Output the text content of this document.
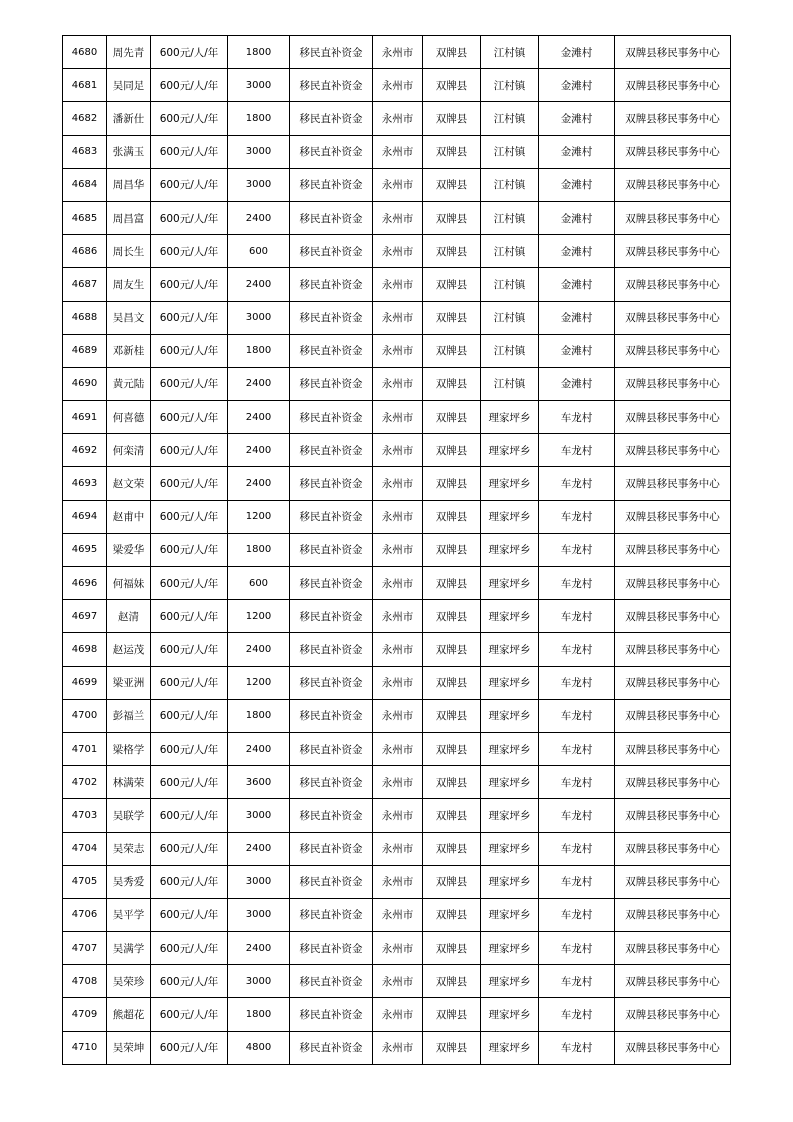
4680	周先青	600元/人/年	1800	移民直补资金	永州市	双牌县	江村镇	金滩村	双牌县移民事务中心
4681	吴同足	600元/人/年	3000	移民直补资金	永州市	双牌县	江村镇	金滩村	双牌县移民事务中心
4682	潘新仕	600元/人/年	1800	移民直补资金	永州市	双牌县	江村镇	金滩村	双牌县移民事务中心
4683	张满玉	600元/人/年	3000	移民直补资金	永州市	双牌县	江村镇	金滩村	双牌县移民事务中心
4684	周昌华	600元/人/年	3000	移民直补资金	永州市	双牌县	江村镇	金滩村	双牌县移民事务中心
4685	周昌富	600元/人/年	2400	移民直补资金	永州市	双牌县	江村镇	金滩村	双牌县移民事务中心
4686	周长生	600元/人/年	600	移民直补资金	永州市	双牌县	江村镇	金滩村	双牌县移民事务中心
4687	周友生	600元/人/年	2400	移民直补资金	永州市	双牌县	江村镇	金滩村	双牌县移民事务中心
4688	吴昌文	600元/人/年	3000	移民直补资金	永州市	双牌县	江村镇	金滩村	双牌县移民事务中心
4689	邓新桂	600元/人/年	1800	移民直补资金	永州市	双牌县	江村镇	金滩村	双牌县移民事务中心
4690	黄元陆	600元/人/年	2400	移民直补资金	永州市	双牌县	江村镇	金滩村	双牌县移民事务中心
4691	何喜德	600元/人/年	2400	移民直补资金	永州市	双牌县	理家坪乡	车龙村	双牌县移民事务中心
4692	何栾清	600元/人/年	2400	移民直补资金	永州市	双牌县	理家坪乡	车龙村	双牌县移民事务中心
4693	赵文荣	600元/人/年	2400	移民直补资金	永州市	双牌县	理家坪乡	车龙村	双牌县移民事务中心
4694	赵甫中	600元/人/年	1200	移民直补资金	永州市	双牌县	理家坪乡	车龙村	双牌县移民事务中心
4695	梁爱华	600元/人/年	1800	移民直补资金	永州市	双牌县	理家坪乡	车龙村	双牌县移民事务中心
4696	何福妹	600元/人/年	600	移民直补资金	永州市	双牌县	理家坪乡	车龙村	双牌县移民事务中心
4697	赵清	600元/人/年	1200	移民直补资金	永州市	双牌县	理家坪乡	车龙村	双牌县移民事务中心
4698	赵运茂	600元/人/年	2400	移民直补资金	永州市	双牌县	理家坪乡	车龙村	双牌县移民事务中心
4699	梁亚洲	600元/人/年	1200	移民直补资金	永州市	双牌县	理家坪乡	车龙村	双牌县移民事务中心
4700	彭福兰	600元/人/年	1800	移民直补资金	永州市	双牌县	理家坪乡	车龙村	双牌县移民事务中心
4701	梁格学	600元/人/年	2400	移民直补资金	永州市	双牌县	理家坪乡	车龙村	双牌县移民事务中心
4702	林满荣	600元/人/年	3600	移民直补资金	永州市	双牌县	理家坪乡	车龙村	双牌县移民事务中心
4703	吴联学	600元/人/年	3000	移民直补资金	永州市	双牌县	理家坪乡	车龙村	双牌县移民事务中心
4704	吴荣志	600元/人/年	2400	移民直补资金	永州市	双牌县	理家坪乡	车龙村	双牌县移民事务中心
4705	吴秀爱	600元/人/年	3000	移民直补资金	永州市	双牌县	理家坪乡	车龙村	双牌县移民事务中心
4706	吴平学	600元/人/年	3000	移民直补资金	永州市	双牌县	理家坪乡	车龙村	双牌县移民事务中心
4707	吴满学	600元/人/年	2400	移民直补资金	永州市	双牌县	理家坪乡	车龙村	双牌县移民事务中心
4708	吴荣珍	600元/人/年	3000	移民直补资金	永州市	双牌县	理家坪乡	车龙村	双牌县移民事务中心
4709	熊超花	600元/人/年	1800	移民直补资金	永州市	双牌县	理家坪乡	车龙村	双牌县移民事务中心
4710	吴荣坤	600元/人/年	4800	移民直补资金	永州市	双牌县	理家坪乡	车龙村	双牌县移民事务中心
